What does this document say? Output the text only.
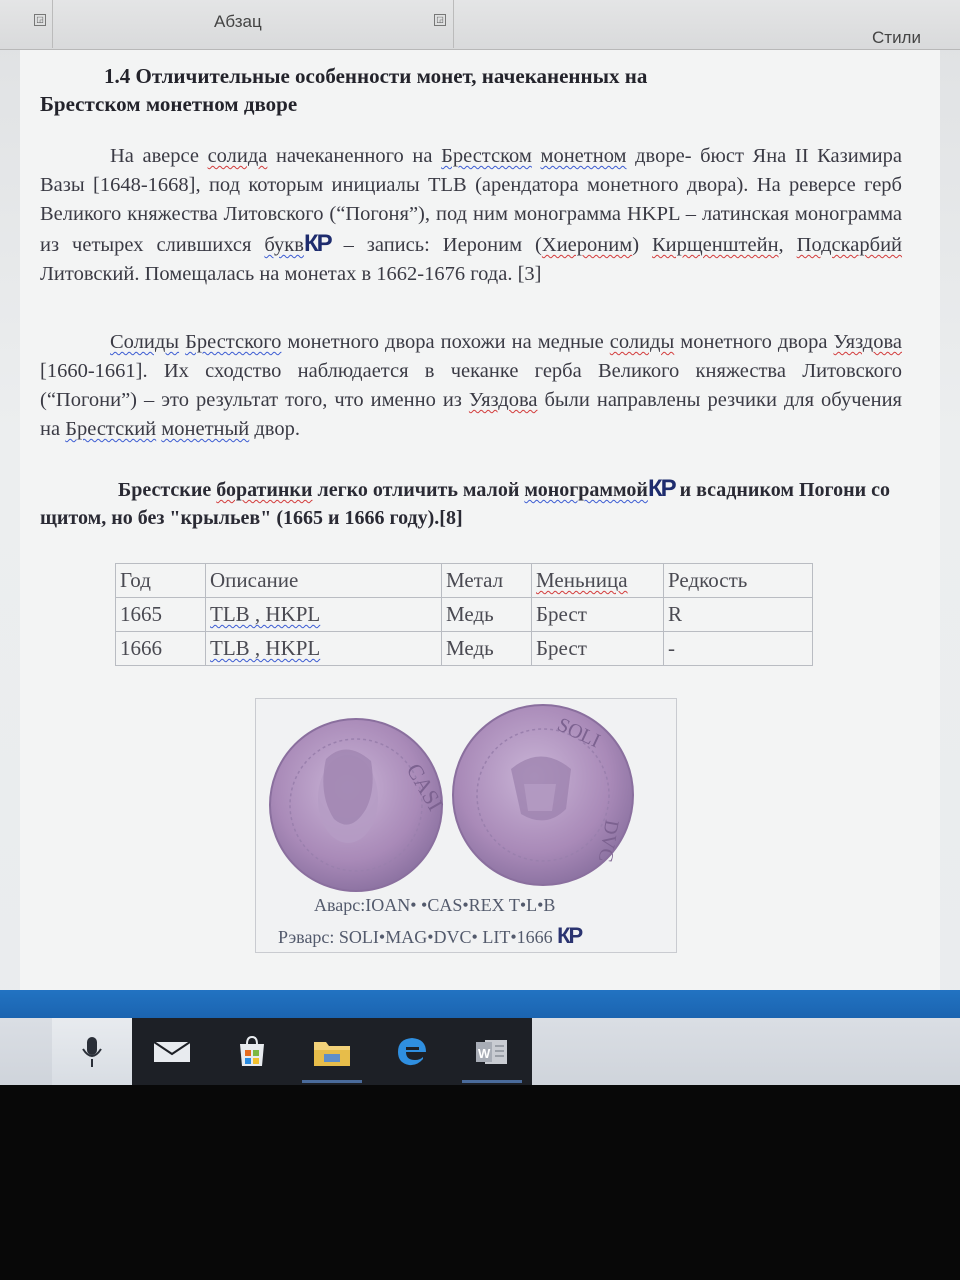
◲	Абзац	◲
Стили
1.4 Отличительные особенности монет, начеканенных на
Брестском монетном дворе
На аверсе солида начеканенного на Брестском монетном дворе- бюст Яна II Казимира Вазы [1648-1668], под которым инициалы TLB (арендатора монетного двора). На реверсе герб Великого княжества Литовского (“Погоня”), под ним монограмма HKPL – латинская монограмма из четырех слившихся буквКР – запись: Иероним (Хиероним) Кирщенштейн, Подскарбий Литовский. Помещалась на монетах в 1662-1676 года. [3]
Солиды Брестского монетного двора похожи на медные солиды монетного двора Уяздова [1660-1661]. Их сходство наблюдается в чеканке герба Великого княжества Литовского (“Погони”) – это результат того, что именно из Уяздова были направлены резчики для обучения на Брестский монетный двор.
Брестские боратинки легко отличить малой монограммойКР и всадником Погони со щитом, но без "крыльев" (1665 и 1666 году).[8]
Год	Описание	Метал	Меньница	Редкость
1665	TLB , HKPL	Медь	Брест	R
1666	TLB , HKPL	Медь	Брест	-
CASI
SOLI
DVC
Аварс:IOAN• •CAS•REX T•L•B
Рэварс: SOLI•MAG•DVC• LIT•1666 КР
W
